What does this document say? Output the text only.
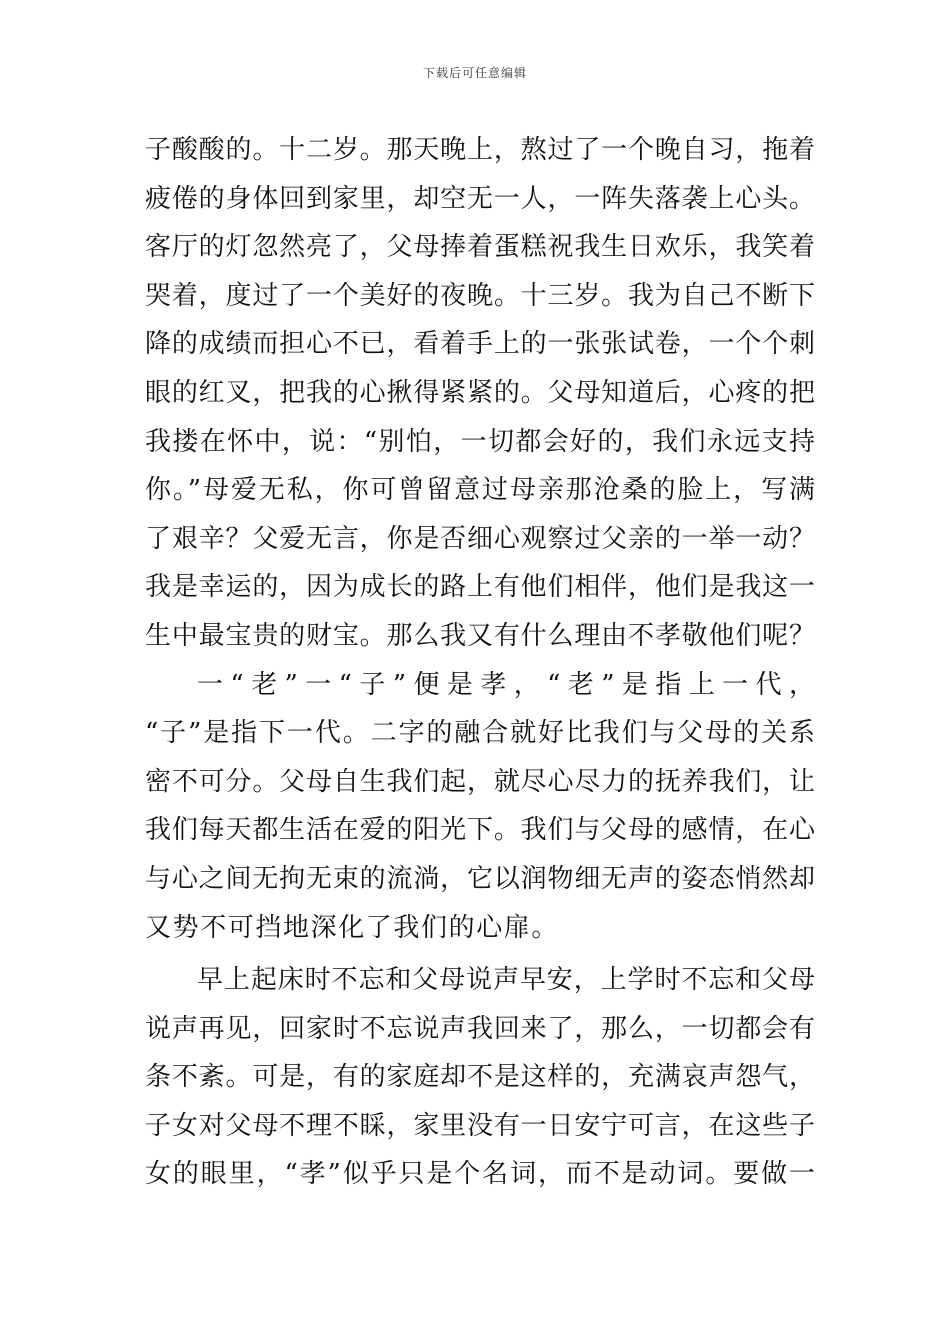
下载后可任意编辑
子酸酸的。十二岁。那天晚上，熬过了一个晚自习，拖着
疲倦的身体回到家里，却空无一人，一阵失落袭上心头。
客厅的灯忽然亮了，父母捧着蛋糕祝我生日欢乐，我笑着
哭着，度过了一个美好的夜晚。十三岁。我为自己不断下
降的成绩而担心不已，看着手上的一张张试卷，一个个刺
眼的红叉，把我的心揪得紧紧的。父母知道后，心疼的把
我搂在怀中，说：“别怕，一切都会好的，我们永远支持
你。”母爱无私，你可曾留意过母亲那沧桑的脸上，写满
了艰辛？父爱无言，你是否细心观察过父亲的一举一动？
我是幸运的，因为成长的路上有他们相伴，他们是我这一
生中最宝贵的财宝。那么我又有什么理由不孝敬他们呢？
一“老”一“子”便是孝，“老”是指上一代，
“子”是指下一代。二字的融合就好比我们与父母的关系
密不可分。父母自生我们起，就尽心尽力的抚养我们，让
我们每天都生活在爱的阳光下。我们与父母的感情，在心
与心之间无拘无束的流淌，它以润物细无声的姿态悄然却
又势不可挡地深化了我们的心扉。
早上起床时不忘和父母说声早安，上学时不忘和父母
说声再见，回家时不忘说声我回来了，那么，一切都会有
条不紊。可是，有的家庭却不是这样的，充满哀声怨气，
子女对父母不理不睬，家里没有一日安宁可言，在这些子
女的眼里，“孝”似乎只是个名词，而不是动词。要做一
